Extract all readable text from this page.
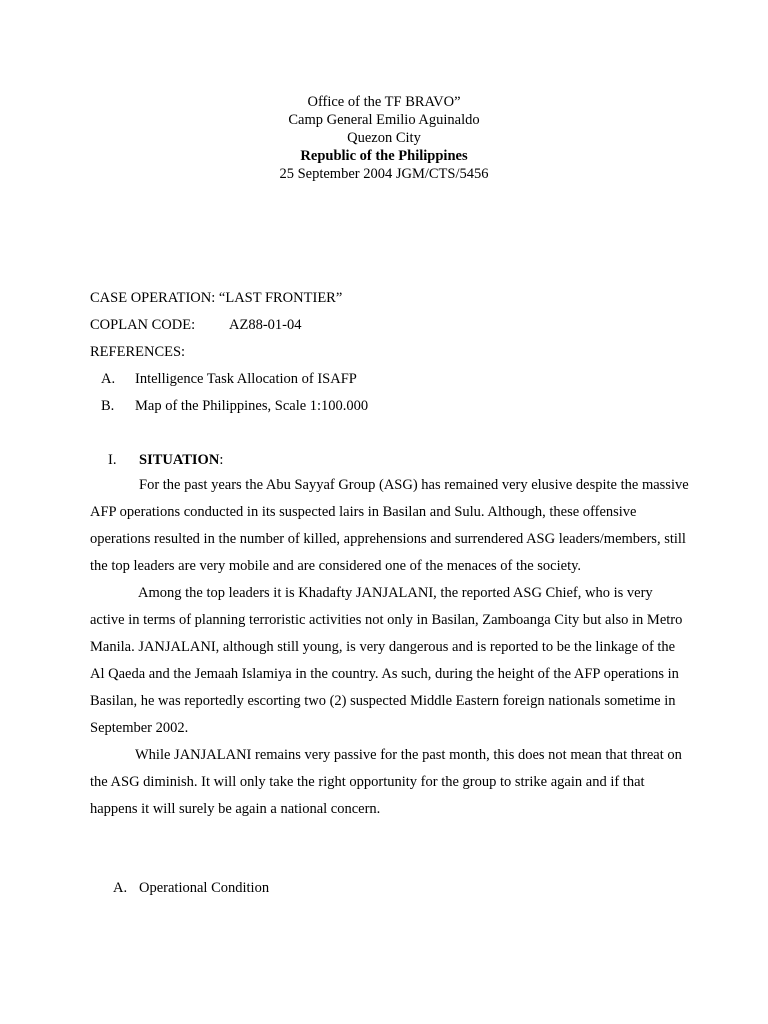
Office of the TF BRAVO”
Camp General Emilio Aguinaldo
Quezon City
Republic of the Philippines
25 September 2004 JGM/CTS/5456
CASE OPERATION: “LAST FRONTIER”
COPLAN CODE: AZ88-01-04
REFERENCES:
A. Intelligence Task Allocation of ISAFP
B. Map of the Philippines, Scale 1:100.000
I. SITUATION:

For the past years the Abu Sayyaf Group (ASG) has remained very elusive despite the massive AFP operations conducted in its suspected lairs in Basilan and Sulu. Although, these offensive operations resulted in the number of killed, apprehensions and surrendered ASG leaders/members, still the top leaders are very mobile and are considered one of the menaces of the society.

Among the top leaders it is Khadafty JANJALANI, the reported ASG Chief, who is very active in terms of planning terroristic activities not only in Basilan, Zamboanga City but also in Metro Manila. JANJALANI, although still young, is very dangerous and is reported to be the linkage of the Al Qaeda and the Jemaah Islamiya in the country. As such, during the height of the AFP operations in Basilan, he was reportedly escorting two (2) suspected Middle Eastern foreign nationals sometime in September 2002.

While JANJALANI remains very passive for the past month, this does not mean that threat on the ASG diminish. It will only take the right opportunity for the group to strike again and if that happens it will surely be again a national concern.

A. Operational Condition
